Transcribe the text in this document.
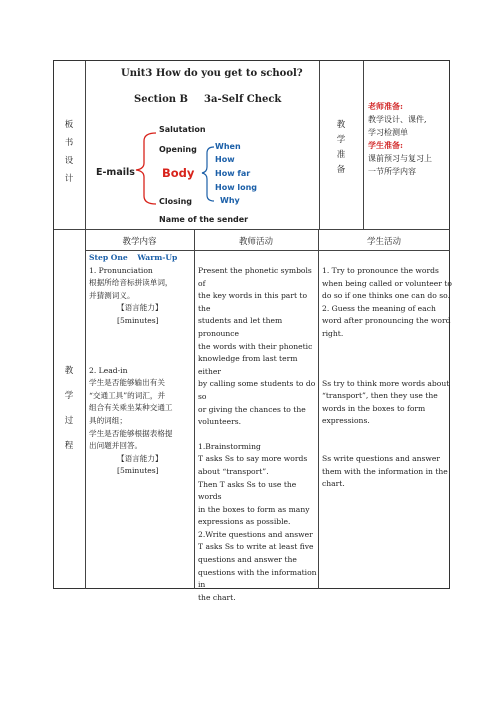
板
书
设
计
Unit3 How do you get to school?
Section B 3a-Self Check
Salutation
Opening
E-mails Body
Closing
Name of the sender
When
How
How far
How long
Why
教
学
准
备
老师准备:
教学设计、课件,
学习检测单
学生准备:
课前预习与复习上
一节所学内容
教
学
过
程
教学内容	教师活动	学生活动

Step One Warm-Up

1. Pronunciation

根据所给音标拼读单词，

并猜测词义。

【语言能力】

[5minutes]

2. Lead-in

学生是否能够输出有关

“交通工具”的词汇，并

组合有关乘坐某种交通工

具的词组；

学生是否能够根据表格提

出问题并回答。

【语言能力】

[5minutes]

Present the phonetic symbols of

the key words in this part to the

students and let them pronounce

the words with their phonetic

knowledge from last term either

by calling some students to do so

or giving the chances to the

volunteers.

1.Brainstorming

T asks Ss to say more words

about “transport”.

Then T asks Ss to use the words

in the boxes to form as many

expressions as possible.

2.Write questions and answer

T asks Ss to write at least five

questions and answer the

questions with the information in

the chart.

1. Try to pronounce the words

when being called or volunteer to

do so if one thinks one can do so.

2. Guess the meaning of each

word after pronouncing the word

right.

Ss try to think more words about

“transport”, then they use the

words in the boxes to form

expressions.

Ss write questions and answer

them with the information in the

chart.
